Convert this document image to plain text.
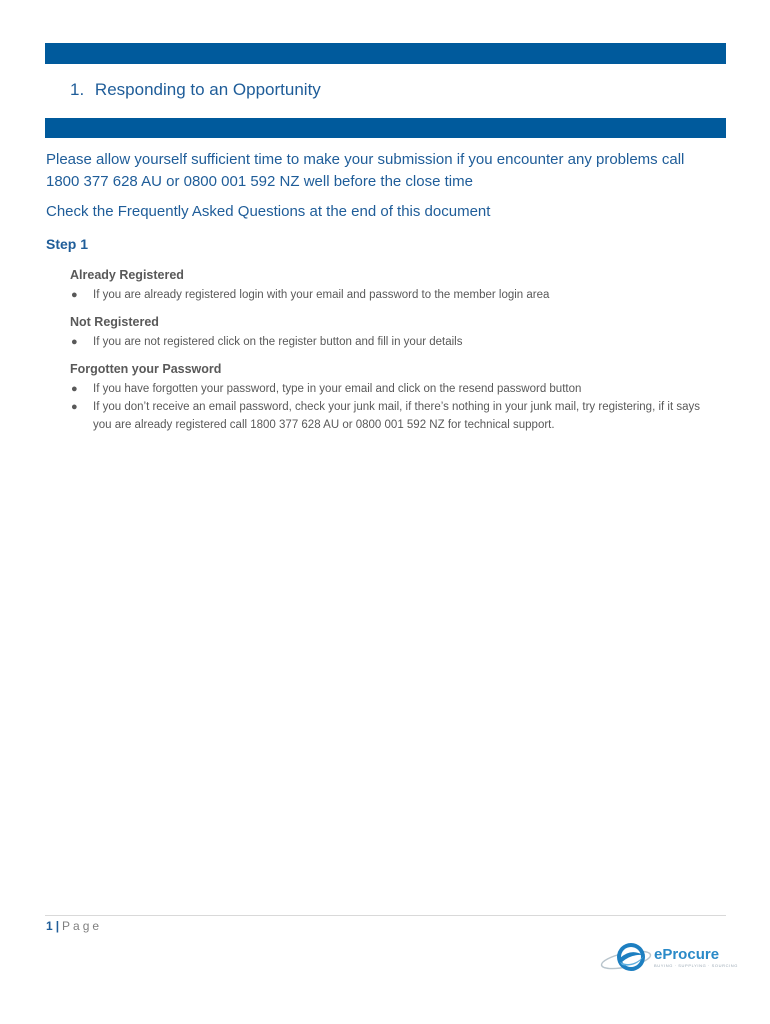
1. Responding to an Opportunity

Please allow yourself sufficient time to make your submission if you encounter any problems call 1800 377 628 AU or 0800 001 592 NZ well before the close time

Check the Frequently Asked Questions at the end of this document

Step 1

Already Registered

● If you are already registered login with your email and password to the member login area

Not Registered

● If you are not registered click on the register button and fill in your details

Forgotten your Password

● If you have forgotten your password, type in your email and click on the resend password button
● If you don’t receive an email password, check your junk mail, if there’s nothing in your junk mail, try registering, if it says you are already registered call 1800 377 628 AU or 0800 001 592 NZ for technical support.
1 | Page
eProcure
BUYING · SUPPLYING · SOURCING
